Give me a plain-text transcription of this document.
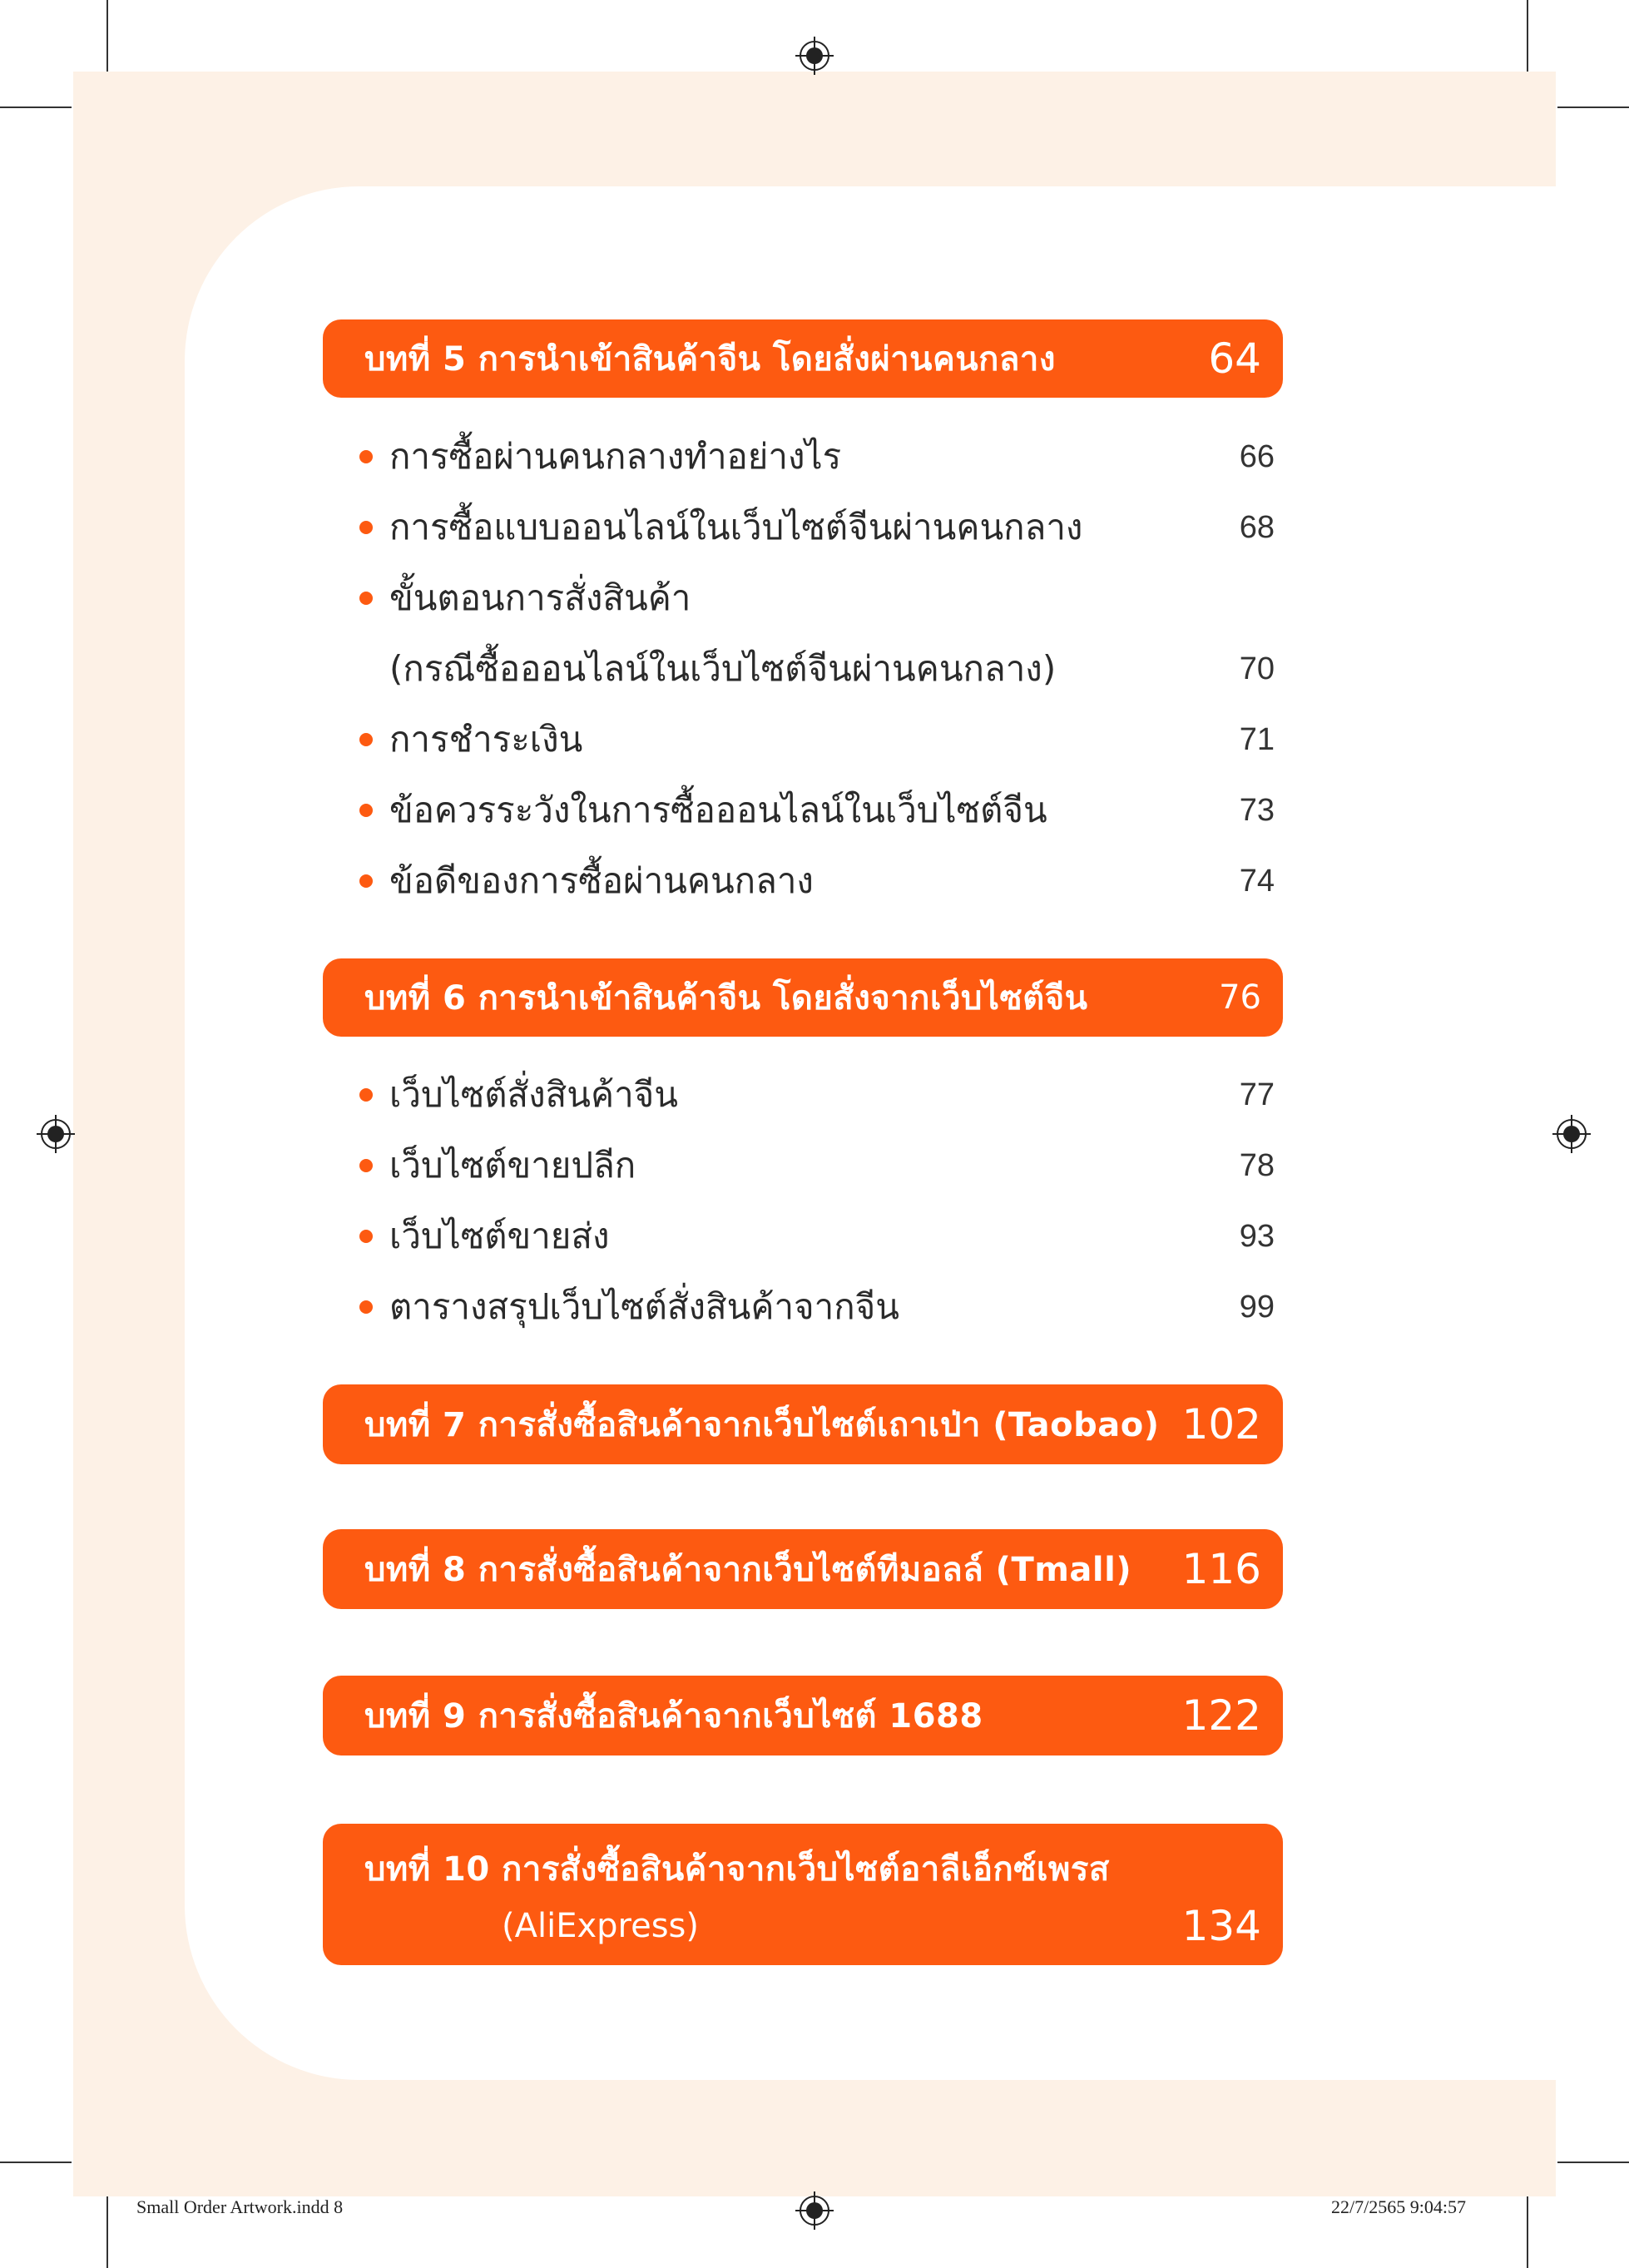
บทที่ 5 การนำเข้าสินค้าจีน โดยสั่งผ่านคนกลาง	64
การซื้อผ่านคนกลางทำอย่างไร	66
การซื้อแบบออนไลน์ในเว็บไซต์จีนผ่านคนกลาง	68
ขั้นตอนการสั่งสินค้า
(กรณีซื้อออนไลน์ในเว็บไซต์จีนผ่านคนกลาง)	70
การชำระเงิน	71
ข้อควรระวังในการซื้อออนไลน์ในเว็บไซต์จีน	73
ข้อดีของการซื้อผ่านคนกลาง	74
บทที่ 6 การนำเข้าสินค้าจีน โดยสั่งจากเว็บไซต์จีน	76
เว็บไซต์สั่งสินค้าจีน	77
เว็บไซต์ขายปลีก	78
เว็บไซต์ขายส่ง	93
ตารางสรุปเว็บไซต์สั่งสินค้าจากจีน	99
บทที่ 7 การสั่งซื้อสินค้าจากเว็บไซต์เถาเป่า (Taobao) 102
บทที่ 8 การสั่งซื้อสินค้าจากเว็บไซต์ทีมอลล์ (Tmall) 116
บทที่ 9 การสั่งซื้อสินค้าจากเว็บไซต์ 1688	122
บทที่ 10 การสั่งซื้อสินค้าจากเว็บไซต์อาลีเอ็กซ์เพรส
(AliExpress)	134
Small Order Artwork.indd 8	22/7/2565 9:04:57
